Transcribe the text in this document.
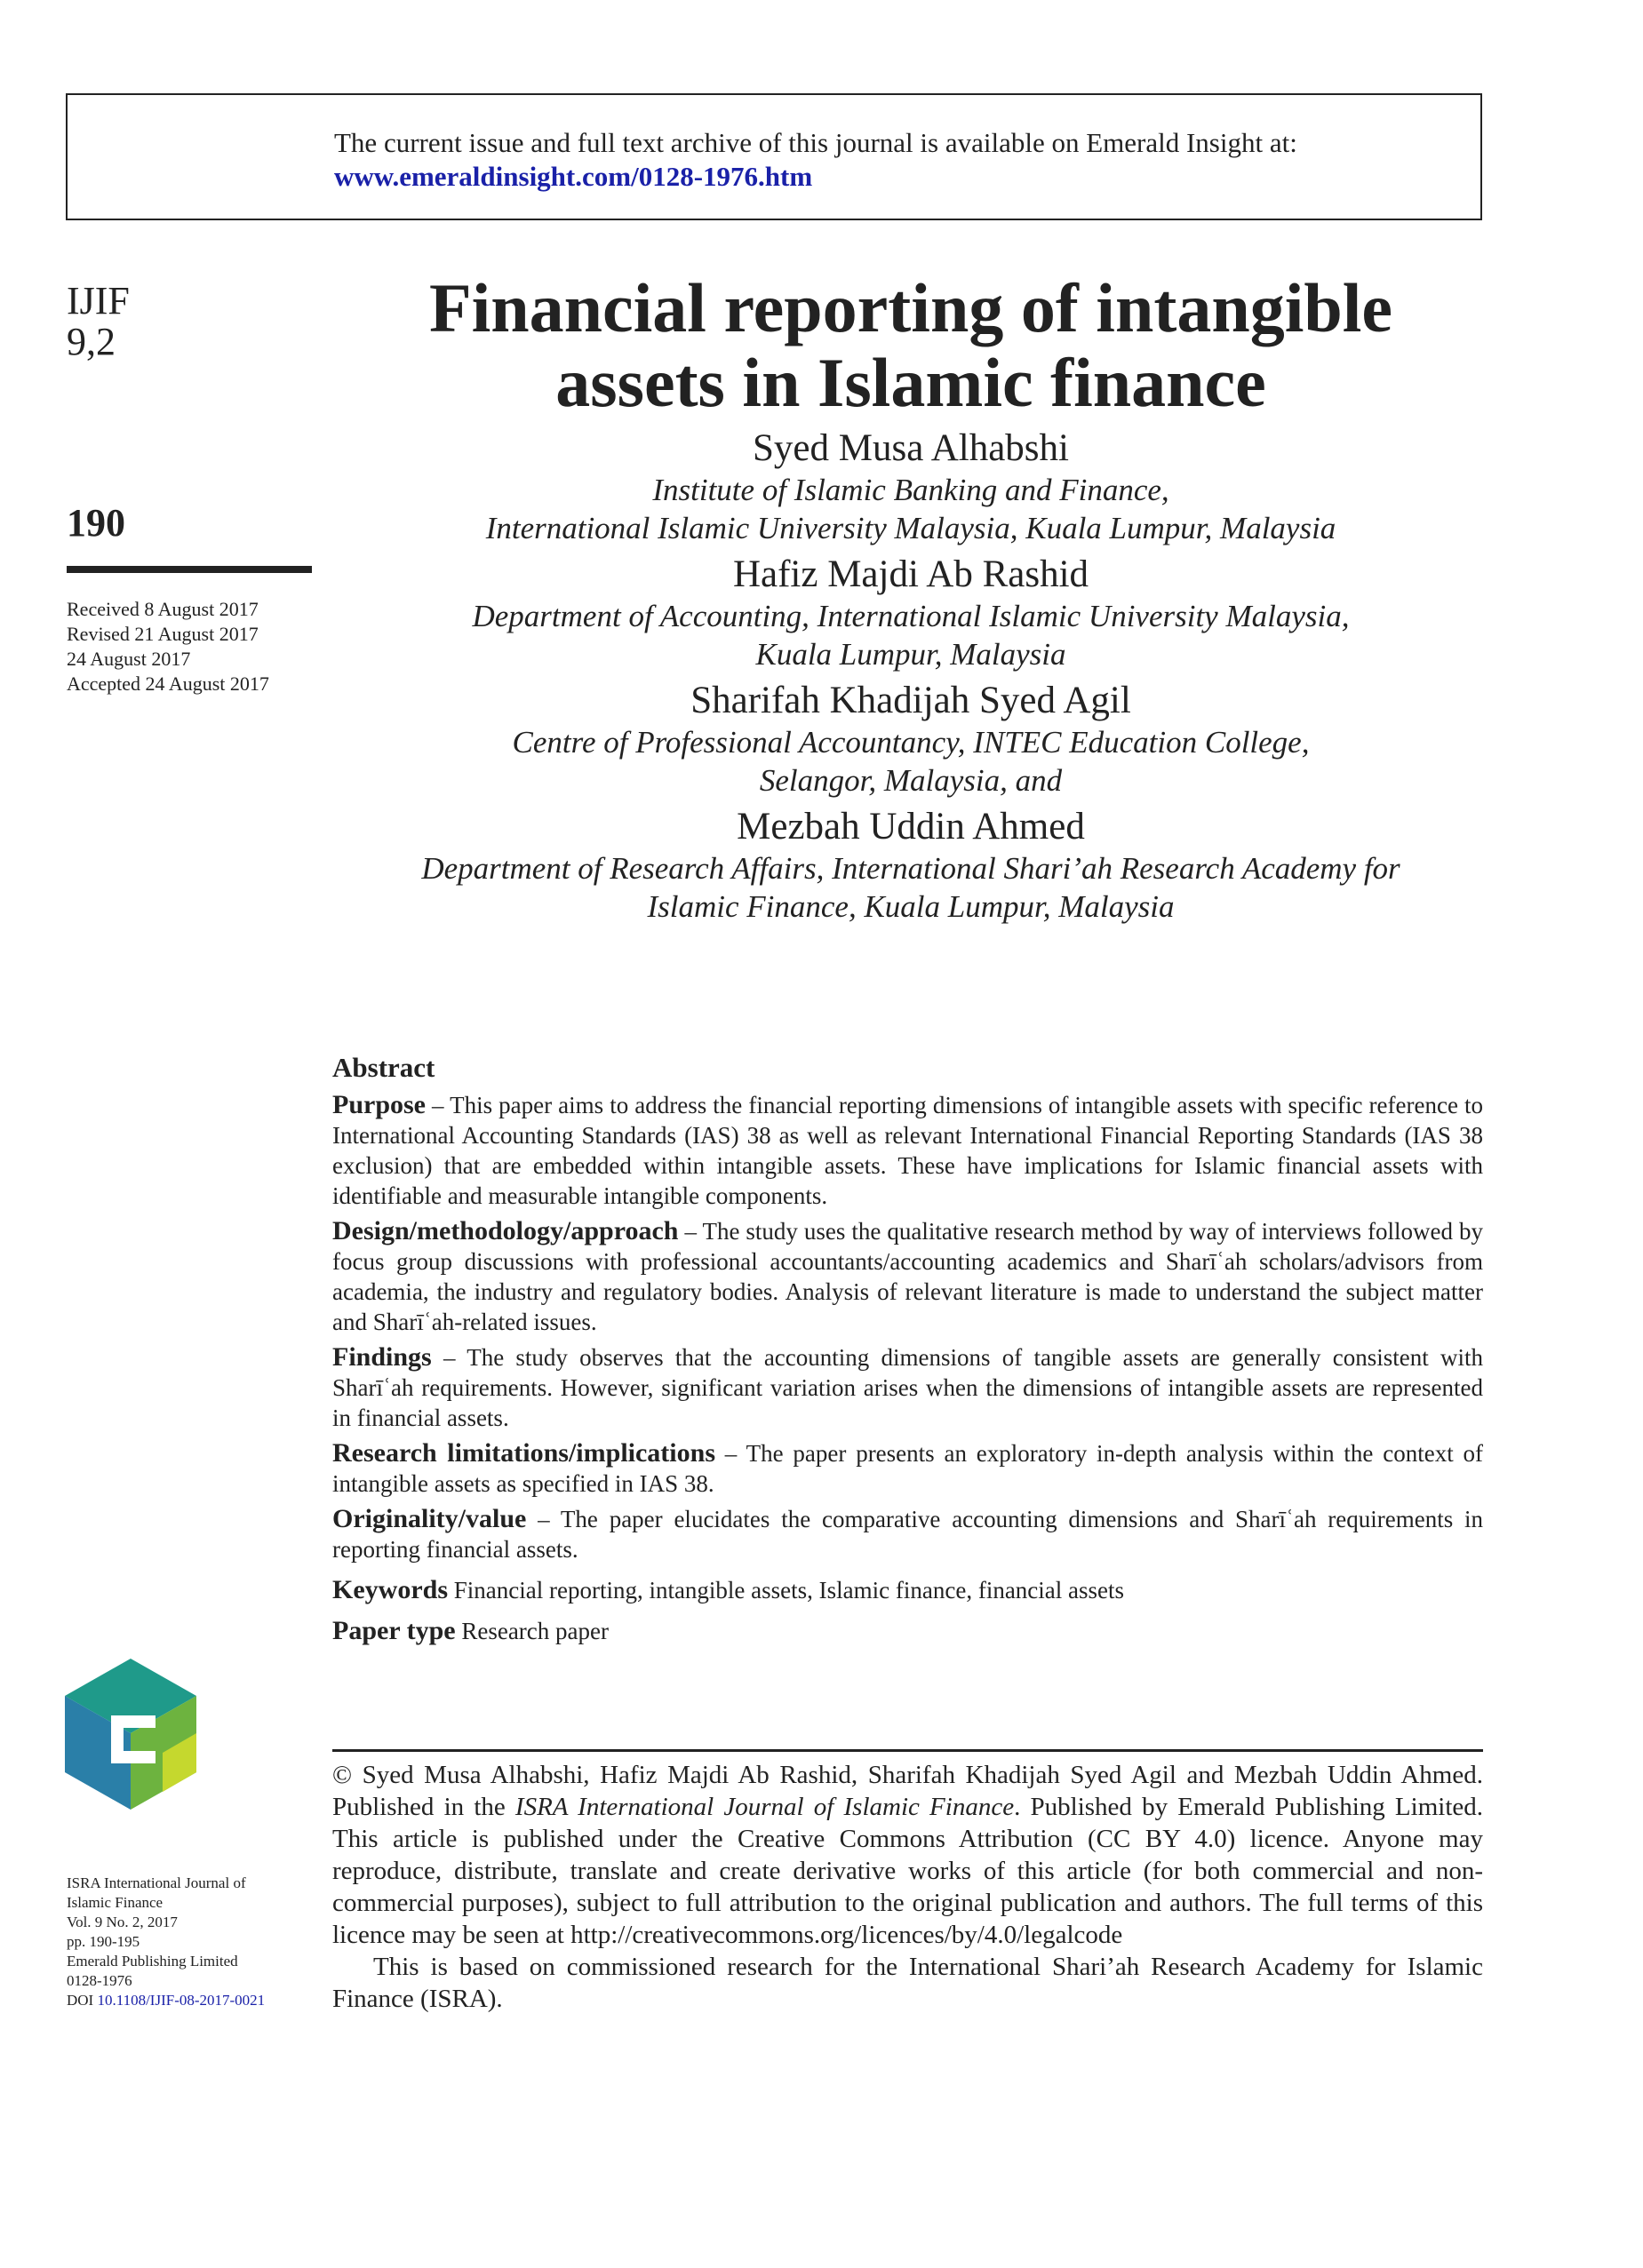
The current issue and full text archive of this journal is available on Emerald Insight at:
www.emeraldinsight.com/0128-1976.htm
IJIF
9,2
190
Received 8 August 2017
Revised 21 August 2017
24 August 2017
Accepted 24 August 2017
Financial reporting of intangible
assets in Islamic finance
Syed Musa Alhabshi
Institute of Islamic Banking and Finance,
International Islamic University Malaysia, Kuala Lumpur, Malaysia
Hafiz Majdi Ab Rashid
Department of Accounting, International Islamic University Malaysia,
Kuala Lumpur, Malaysia
Sharifah Khadijah Syed Agil
Centre of Professional Accountancy, INTEC Education College,
Selangor, Malaysia, and
Mezbah Uddin Ahmed
Department of Research Affairs, International Shari’ah Research Academy for
Islamic Finance, Kuala Lumpur, Malaysia
Abstract

Purpose – This paper aims to address the financial reporting dimensions of intangible assets with specific reference to International Accounting Standards (IAS) 38 as well as relevant International Financial Reporting Standards (IAS 38 exclusion) that are embedded within intangible assets. These have implications for Islamic financial assets with identifiable and measurable intangible components.

Design/methodology/approach – The study uses the qualitative research method by way of interviews followed by focus group discussions with professional accountants/accounting academics and Sharīʿah scholars/advisors from academia, the industry and regulatory bodies. Analysis of relevant literature is made to understand the subject matter and Sharīʿah-related issues.

Findings – The study observes that the accounting dimensions of tangible assets are generally consistent with Sharīʿah requirements. However, significant variation arises when the dimensions of intangible assets are represented in financial assets.

Research limitations/implications – The paper presents an exploratory in-depth analysis within the context of intangible assets as specified in IAS 38.

Originality/value – The paper elucidates the comparative accounting dimensions and Sharīʿah requirements in reporting financial assets.

Keywords Financial reporting, intangible assets, Islamic finance, financial assets

Paper type Research paper

ISRA International Journal of
Islamic Finance
Vol. 9 No. 2, 2017
pp. 190-195
Emerald Publishing Limited
0128-1976
DOI 10.1108/IJIF-08-2017-0021

© Syed Musa Alhabshi, Hafiz Majdi Ab Rashid, Sharifah Khadijah Syed Agil and Mezbah Uddin Ahmed. Published in the ISRA International Journal of Islamic Finance. Published by Emerald Publishing Limited. This article is published under the Creative Commons Attribution (CC BY 4.0) licence. Anyone may reproduce, distribute, translate and create derivative works of this article (for both commercial and non-commercial purposes), subject to full attribution to the original publication and authors. The full terms of this licence may be seen at http://creativecommons.org/licences/by/4.0/legalcode

This is based on commissioned research for the International Shari’ah Research Academy for Islamic Finance (ISRA).
